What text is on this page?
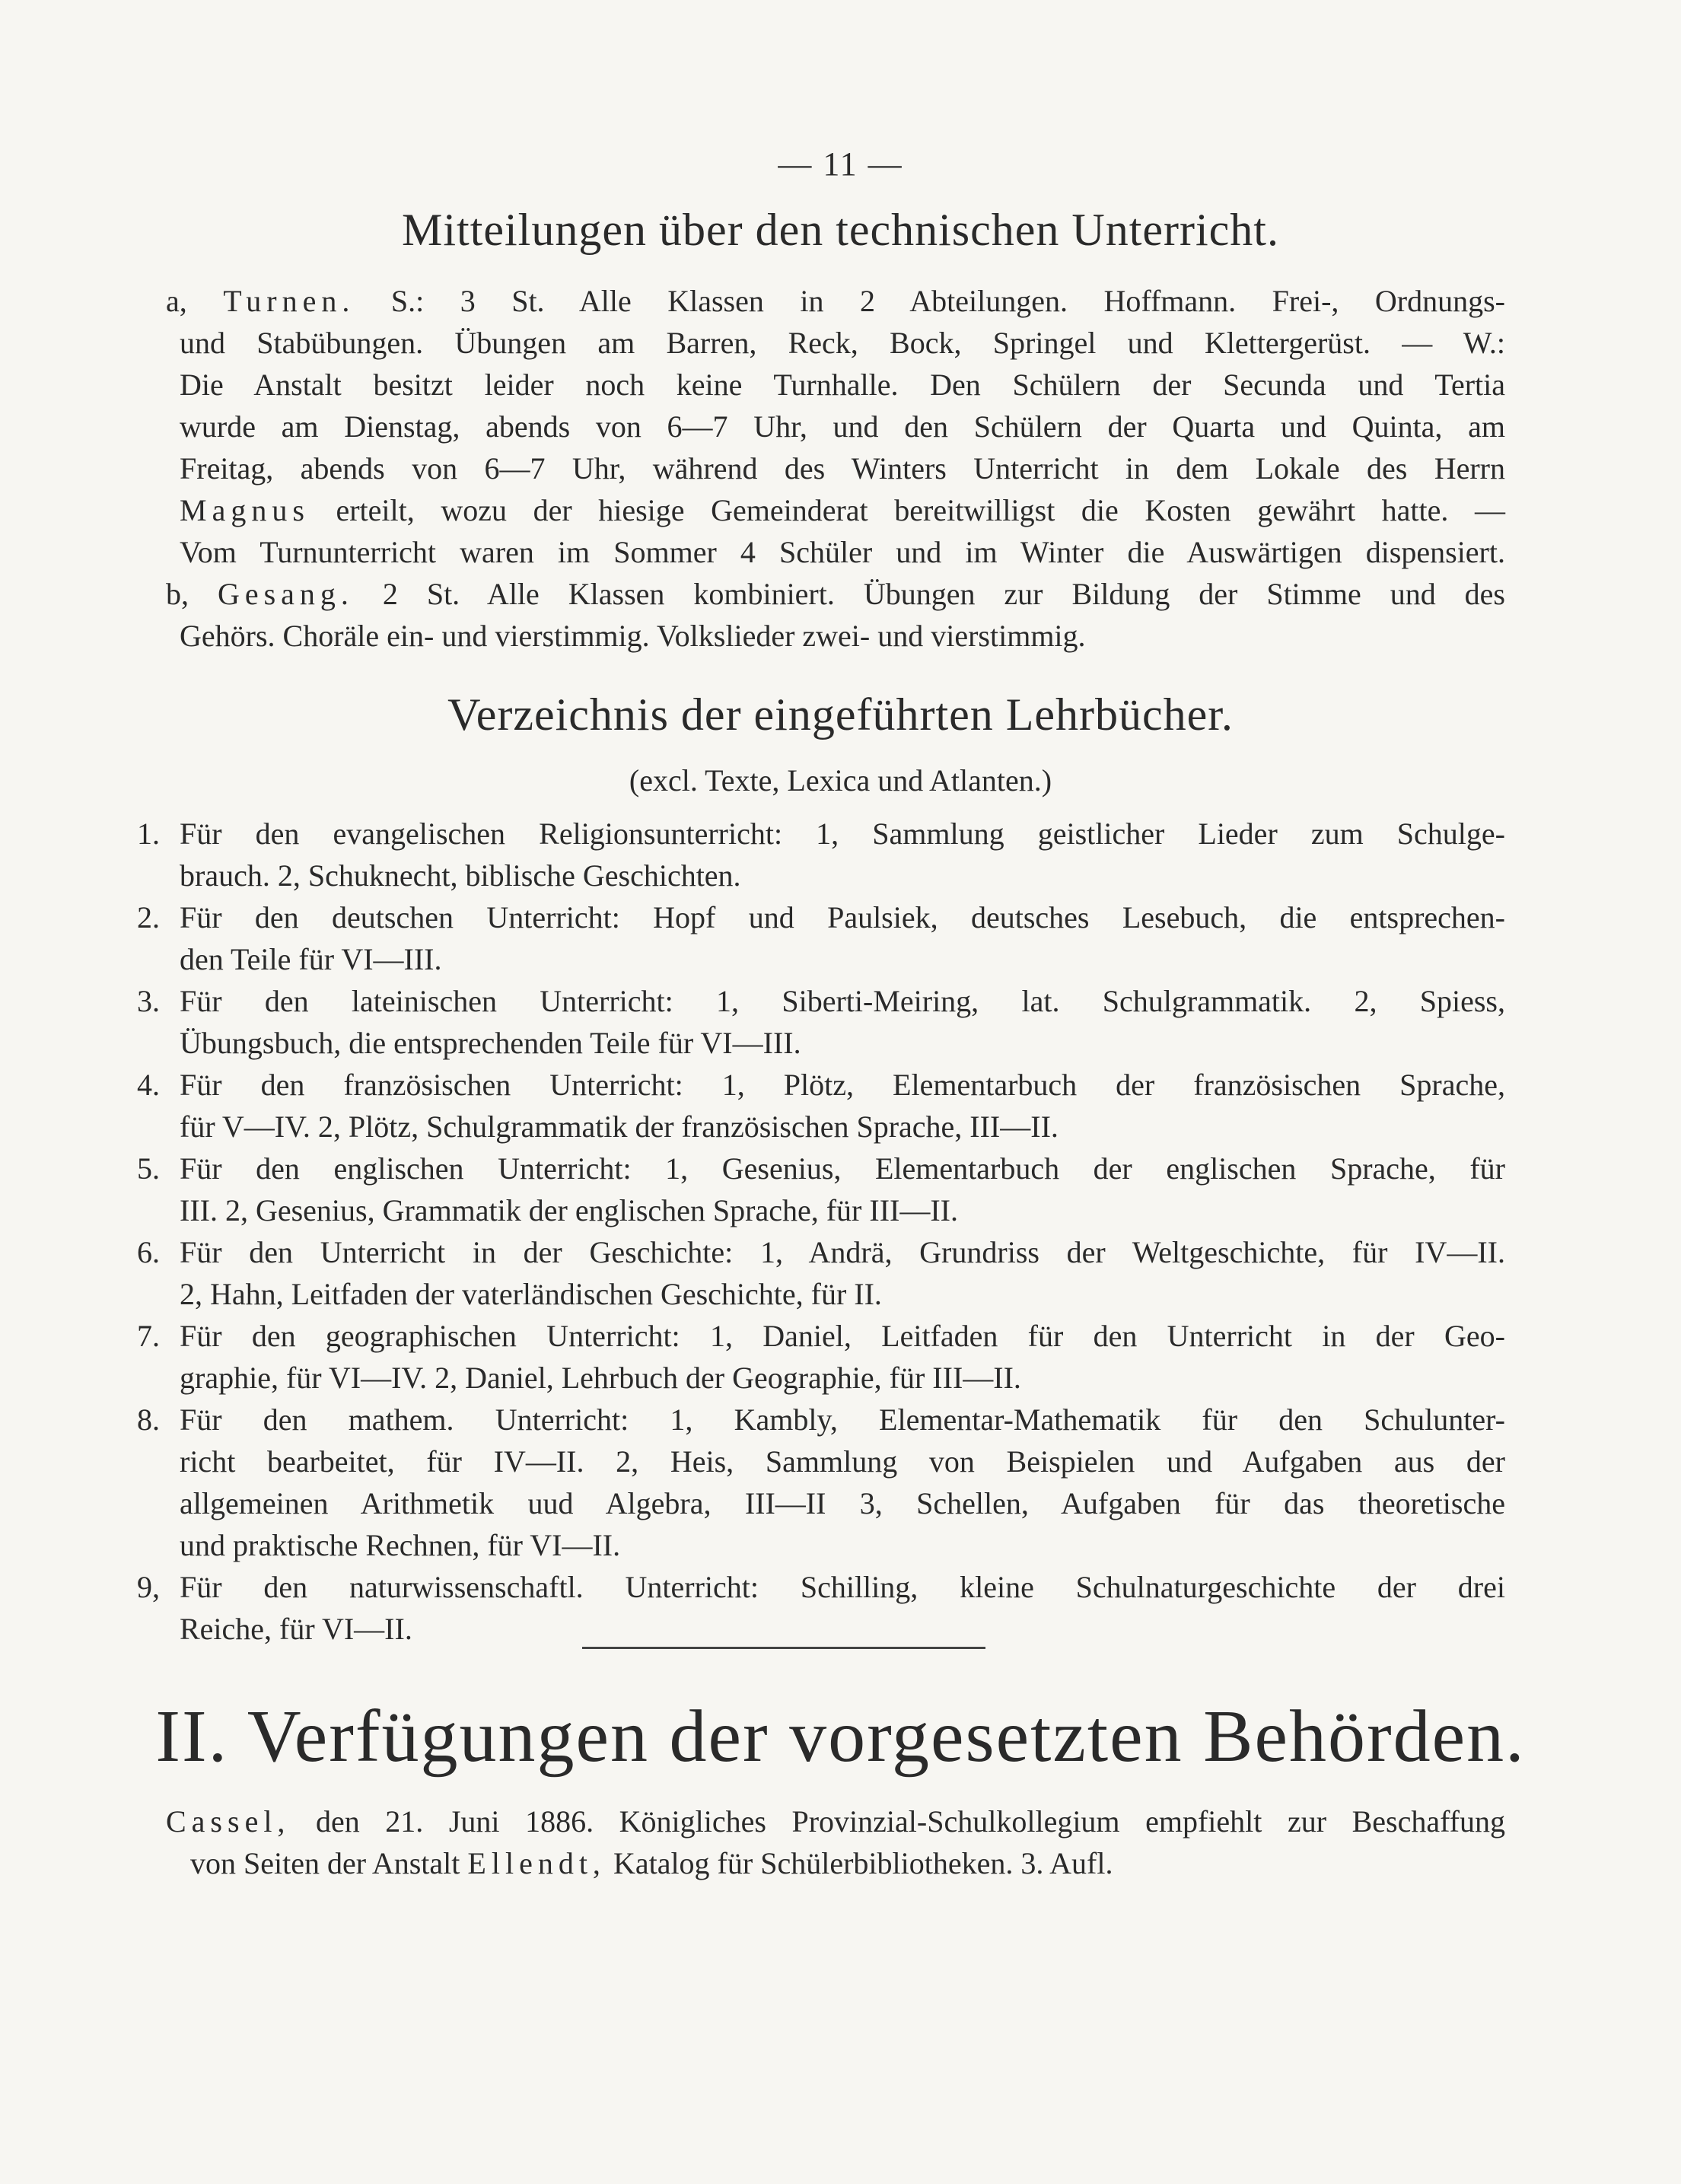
— 11 —
Mitteilungen über den technischen Unterricht.
a, Turnen. S.: 3 St. Alle Klassen in 2 Abteilungen. Hoffmann. Frei-, Ordnungs-
und Stabübungen. Übungen am Barren, Reck, Bock, Springel und Klettergerüst. — W.:
Die Anstalt besitzt leider noch keine Turnhalle. Den Schülern der Secunda und Tertia
wurde am Dienstag, abends von 6—7 Uhr, und den Schülern der Quarta und Quinta, am
Freitag, abends von 6—7 Uhr, während des Winters Unterricht in dem Lokale des Herrn
Magnus erteilt, wozu der hiesige Gemeinderat bereitwilligst die Kosten gewährt hatte. —
Vom Turnunterricht waren im Sommer 4 Schüler und im Winter die Auswärtigen dispensiert.
b, Gesang. 2 St. Alle Klassen kombiniert. Übungen zur Bildung der Stimme und des
Gehörs. Choräle ein- und vierstimmig. Volkslieder zwei- und vierstimmig.
Verzeichnis der eingeführten Lehrbücher.
(excl. Texte, Lexica und Atlanten.)
1. Für den evangelischen Religionsunterricht: 1, Sammlung geistlicher Lieder zum Schulge-
brauch. 2, Schuknecht, biblische Geschichten.
2. Für den deutschen Unterricht: Hopf und Paulsiek, deutsches Lesebuch, die entsprechen-
den Teile für VI—III.
3. Für den lateinischen Unterricht: 1, Siberti-Meiring, lat. Schulgrammatik. 2, Spiess,
Übungsbuch, die entsprechenden Teile für VI—III.
4. Für den französischen Unterricht: 1, Plötz, Elementarbuch der französischen Sprache,
für V—IV. 2, Plötz, Schulgrammatik der französischen Sprache, III—II.
5. Für den englischen Unterricht: 1, Gesenius, Elementarbuch der englischen Sprache, für
III. 2, Gesenius, Grammatik der englischen Sprache, für III—II.
6. Für den Unterricht in der Geschichte: 1, Andrä, Grundriss der Weltgeschichte, für IV—II.
2, Hahn, Leitfaden der vaterländischen Geschichte, für II.
7. Für den geographischen Unterricht: 1, Daniel, Leitfaden für den Unterricht in der Geo-
graphie, für VI—IV. 2, Daniel, Lehrbuch der Geographie, für III—II.
8. Für den mathem. Unterricht: 1, Kambly, Elementar-Mathematik für den Schulunter-
richt bearbeitet, für IV—II. 2, Heis, Sammlung von Beispielen und Aufgaben aus der
allgemeinen Arithmetik uud Algebra, III—II 3, Schellen, Aufgaben für das theoretische
und praktische Rechnen, für VI—II.
9, Für den naturwissenschaftl. Unterricht: Schilling, kleine Schulnaturgeschichte der drei
Reiche, für VI—II.
II. Verfügungen der vorgesetzten Behörden.
Cassel, den 21. Juni 1886. Königliches Provinzial-Schulkollegium empfiehlt zur Beschaffung
von Seiten der Anstalt Ellendt, Katalog für Schülerbibliotheken. 3. Aufl.
